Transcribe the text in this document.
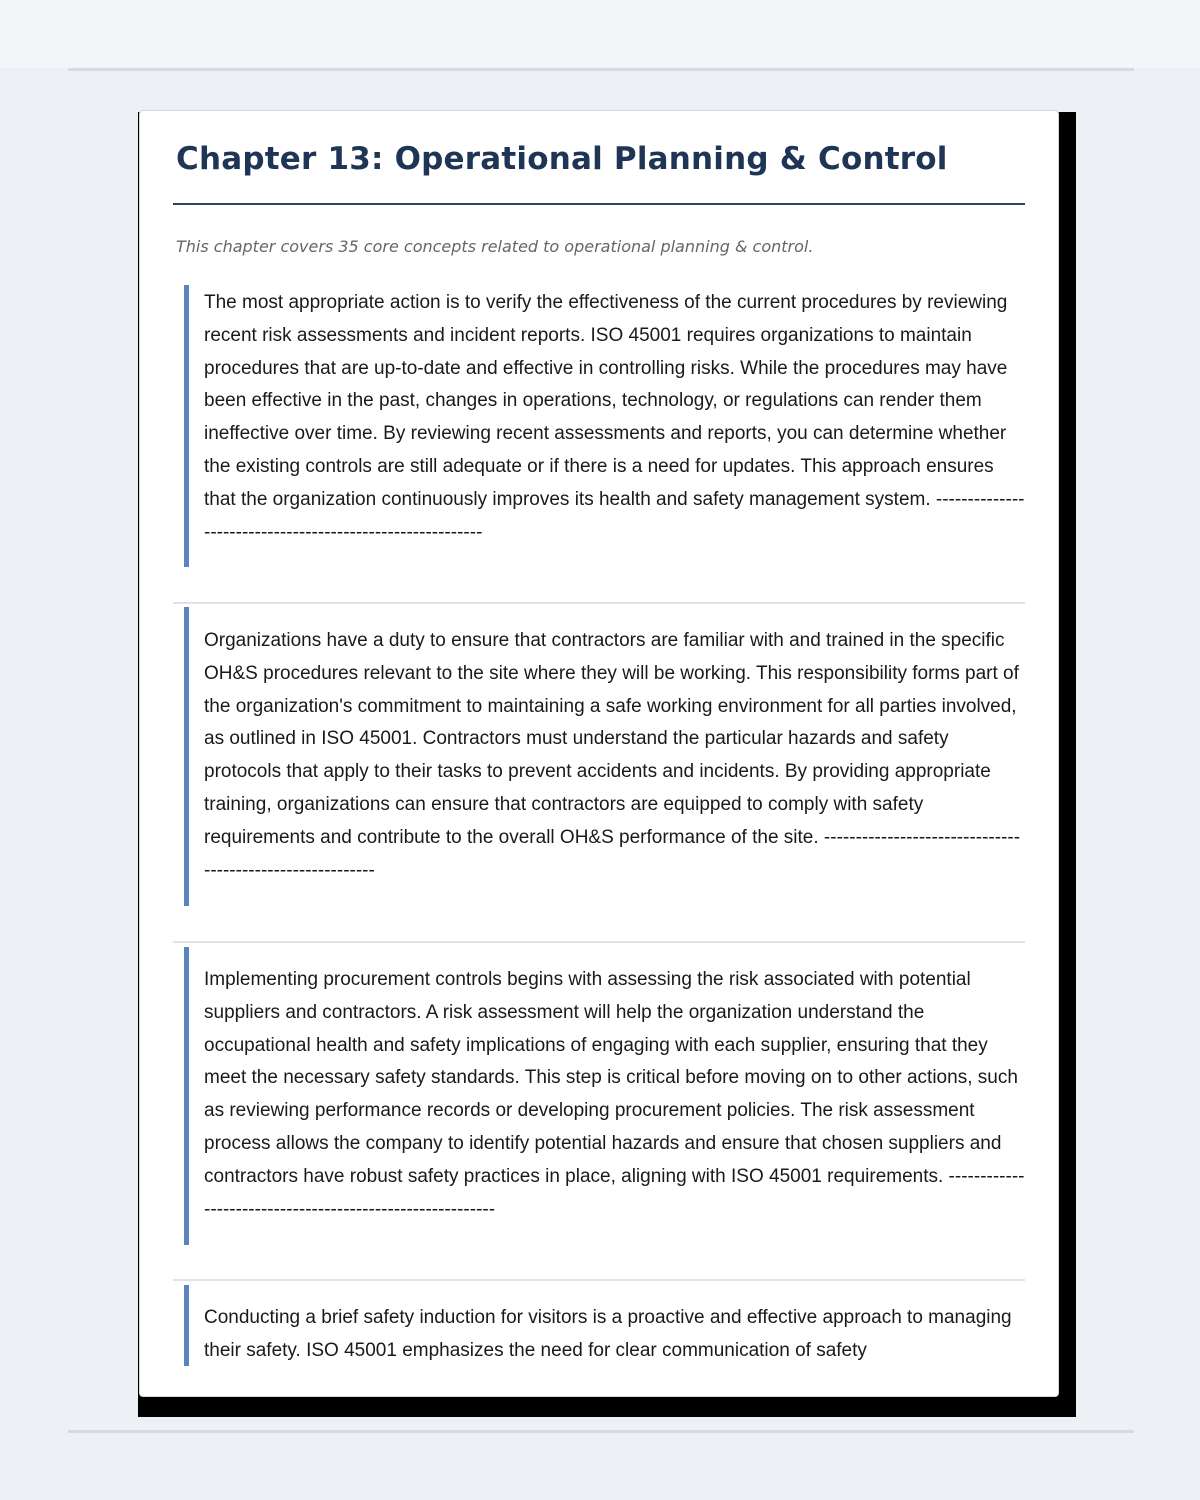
Chapter 13: Operational Planning & Control

This chapter covers 35 core concepts related to operational planning & control.

The most appropriate action is to verify the effectiveness of the current procedures by reviewing recent risk assessments and incident reports. ISO 45001 requires organizations to maintain procedures that are up-to-date and effective in controlling risks. While the procedures may have been effective in the past, changes in operations, technology, or regulations can render them ineffective over time. By reviewing recent assessments and reports, you can determine whether the existing controls are still adequate or if there is a need for updates. This approach ensures that the organization continuously improves its health and safety management system. ----------------------------------------------------------

Organizations have a duty to ensure that contractors are familiar with and trained in the specific OH&S procedures relevant to the site where they will be working. This responsibility forms part of the organization's commitment to maintaining a safe working environment for all parties involved, as outlined in ISO 45001. Contractors must understand the particular hazards and safety protocols that apply to their tasks to prevent accidents and incidents. By providing appropriate training, organizations can ensure that contractors are equipped to comply with safety requirements and contribute to the overall OH&S performance of the site. ----------------------------------------------------------

Implementing procurement controls begins with assessing the risk associated with potential suppliers and contractors. A risk assessment will help the organization understand the occupational health and safety implications of engaging with each supplier, ensuring that they meet the necessary safety standards. This step is critical before moving on to other actions, such as reviewing performance records or developing procurement policies. The risk assessment process allows the company to identify potential hazards and ensure that chosen suppliers and contractors have robust safety practices in place, aligning with ISO 45001 requirements. ----------------------------------------------------------

Conducting a brief safety induction for visitors is a proactive and effective approach to managing their safety. ISO 45001 emphasizes the need for clear communication of safety
